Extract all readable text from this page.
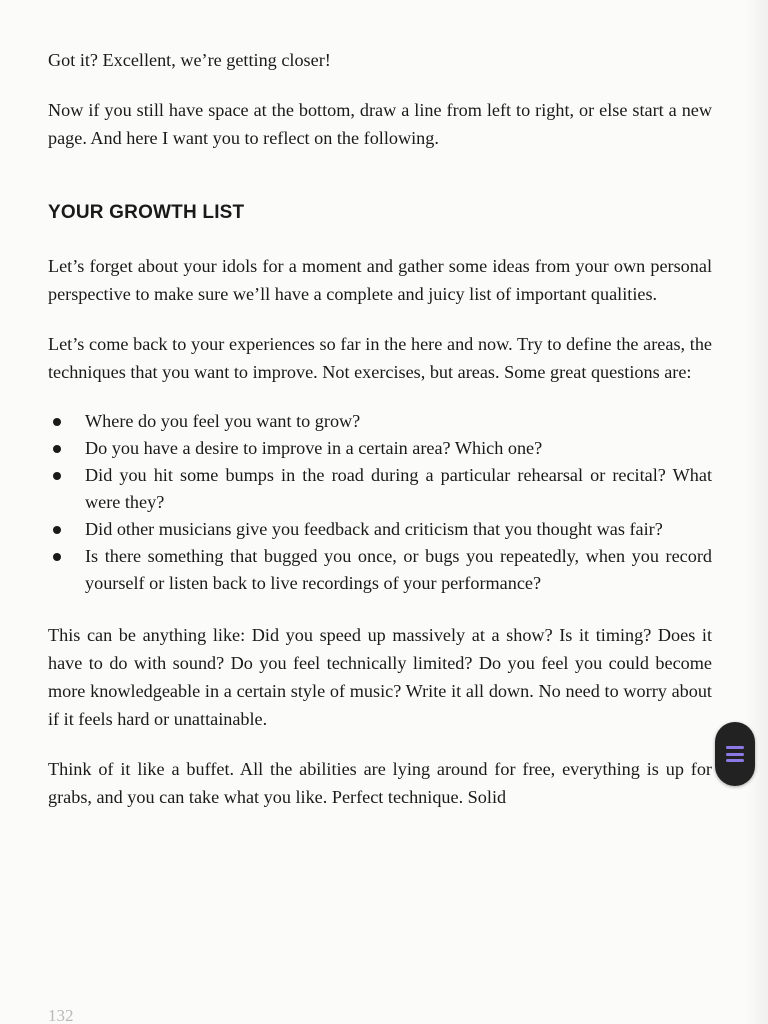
Got it? Excellent, we’re getting closer!

Now if you still have space at the bottom, draw a line from left to right, or else start a new page. And here I want you to reflect on the following.

YOUR GROWTH LIST

Let’s forget about your idols for a moment and gather some ideas from your own personal perspective to make sure we’ll have a complete and juicy list of important qualities.

Let’s come back to your experiences so far in the here and now. Try to define the areas, the techniques that you want to improve. Not exercises, but areas. Some great questions are:

Where do you feel you want to grow?
Do you have a desire to improve in a certain area? Which one?
Did you hit some bumps in the road during a particular rehearsal or recital? What were they?
Did other musicians give you feedback and criticism that you thought was fair?
Is there something that bugged you once, or bugs you repeatedly, when you record yourself or listen back to live recordings of your performance?

This can be anything like: Did you speed up massively at a show? Is it timing? Does it have to do with sound? Do you feel technically limited? Do you feel you could become more knowledgeable in a certain style of music? Write it all down. No need to worry about if it feels hard or unattainable.

Think of it like a buffet. All the abilities are lying around for free, everything is up for grabs, and you can take what you like. Perfect technique. Solid

132
